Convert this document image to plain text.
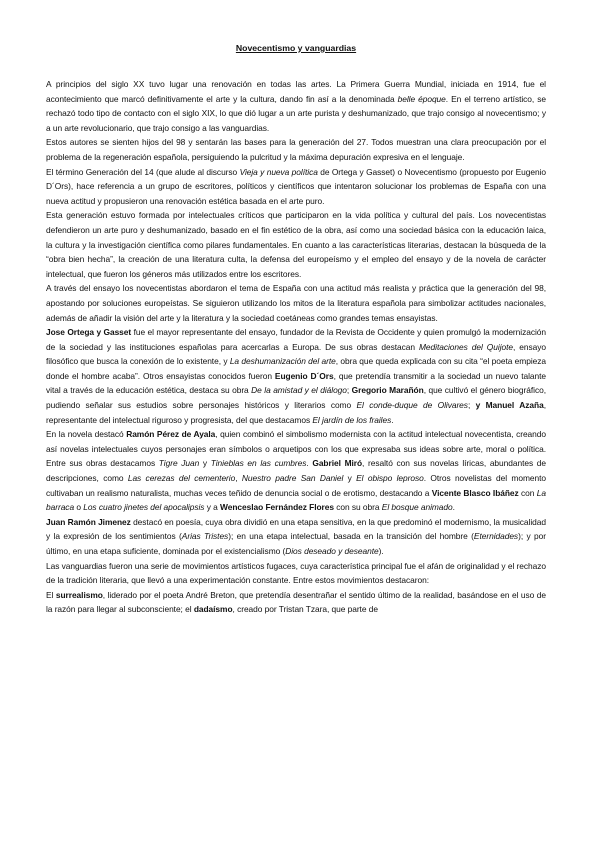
Novecentismo y vanguardias

A principios del siglo XX tuvo lugar una renovación en todas las artes. La Primera Guerra Mundial, iniciada en 1914, fue el acontecimiento que marcó definitivamente el arte y la cultura, dando fin así a la denominada belle époque. En el terreno artístico, se rechazó todo tipo de contacto con el siglo XIX, lo que dió lugar a un arte purista y deshumanizado, que trajo consigo al novecentismo; y a un arte revolucionario, que trajo consigo a las vanguardias.

Estos autores se sienten hijos del 98 y sentarán las bases para la generación del 27. Todos muestran una clara preocupación por el problema de la regeneración española, persiguiendo la pulcritud y la máxima depuración expresiva en el lenguaje.

El término Generación del 14 (que alude al discurso Vieja y nueva política de Ortega y Gasset) o Novecentismo (propuesto por Eugenio D´Ors), hace referencia a un grupo de escritores, políticos y científicos que intentaron solucionar los problemas de España con una nueva actitud y propusieron una renovación estética basada en el arte puro.

Esta generación estuvo formada por intelectuales críticos que participaron en la vida política y cultural del país. Los novecentistas defendieron un arte puro y deshumanizado, basado en el fin estético de la obra, así como una sociedad básica con la educación laica, la cultura y la investigación científica como pilares fundamentales. En cuanto a las características literarias, destacan la búsqueda de la “obra bien hecha”, la creación de una literatura culta, la defensa del europeísmo y el empleo del ensayo y de la novela de carácter intelectual, que fueron los géneros más utilizados entre los escritores.

A través del ensayo los novecentistas abordaron el tema de España con una actitud más realista y práctica que la generación del 98, apostando por soluciones europeístas. Se siguieron utilizando los mitos de la literatura española para simbolizar actitudes nacionales, además de añadir la visión del arte y la literatura y la sociedad coetáneas como grandes temas ensayistas.

Jose Ortega y Gasset fue el mayor representante del ensayo, fundador de la Revista de Occidente y quien promulgó la modernización de la sociedad y las instituciones españolas para acercarlas a Europa. De sus obras destacan Meditaciones del Quijote, ensayo filosófico que busca la conexión de lo existente, y La deshumanización del arte, obra que queda explicada con su cita “el poeta empieza donde el hombre acaba”. Otros ensayistas conocidos fueron Eugenio D´Ors, que pretendía transmitir a la sociedad un nuevo talante vital a través de la educación estética, destaca su obra De la amistad y el diálogo; Gregorio Marañón, que cultivó el género biográfico, pudiendo señalar sus estudios sobre personajes históricos y literarios como El conde-duque de Olivares; y Manuel Azaña, representante del intelectual riguroso y progresista, del que destacamos El jardín de los frailes.

En la novela destacó Ramón Pérez de Ayala, quien combinó el simbolismo modernista con la actitud intelectual novecentista, creando así novelas intelectuales cuyos personajes eran símbolos o arquetipos con los que expresaba sus ideas sobre arte, moral o política. Entre sus obras destacamos Tigre Juan y Tinieblas en las cumbres. Gabriel Miró, resaltó con sus novelas líricas, abundantes de descripciones, como Las cerezas del cementerio, Nuestro padre San Daniel y El obispo leproso. Otros novelistas del momento cultivaban un realismo naturalista, muchas veces teñido de denuncia social o de erotismo, destacando a Vicente Blasco Ibáñez con La barraca o Los cuatro jinetes del apocalipsis y a Wenceslao Fernández Flores con su obra El bosque animado.

Juan Ramón Jimenez destacó en poesía, cuya obra dividió en una etapa sensitiva, en la que predominó el modernismo, la musicalidad y la expresión de los sentimientos (Arias Tristes); en una etapa intelectual, basada en la transición del hombre (Eternidades); y por último, en una etapa suficiente, dominada por el existencialismo (Dios deseado y deseante).

Las vanguardias fueron una serie de movimientos artísticos fugaces, cuya característica principal fue el afán de originalidad y el rechazo de la tradición literaria, que llevó a una experimentación constante. Entre estos movimientos destacaron:

El surrealismo, liderado por el poeta André Breton, que pretendía desentrañar el sentido último de la realidad, basándose en el uso de la razón para llegar al subconsciente; el dadaísmo, creado por Tristan Tzara, que parte de
